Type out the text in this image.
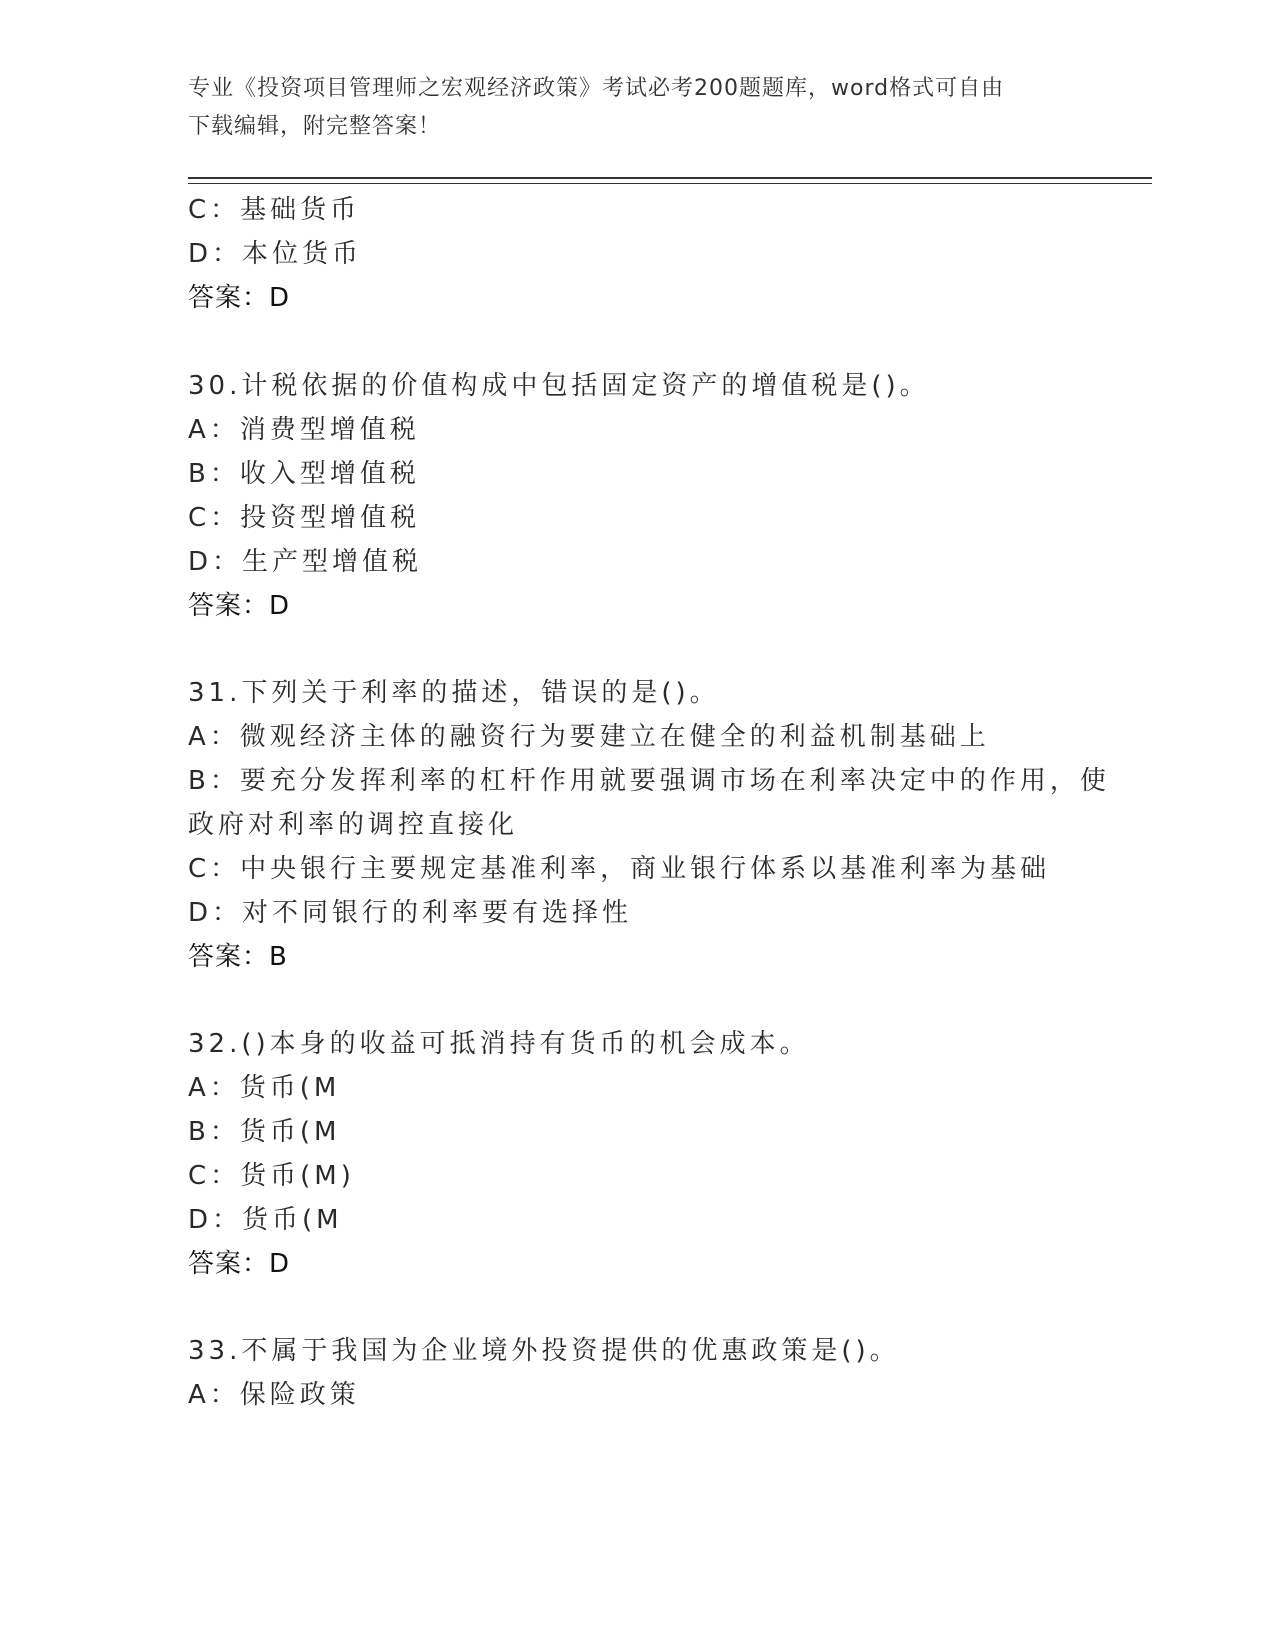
专业《投资项目管理师之宏观经济政策》考试必考200题题库，word格式可自由
下载编辑，附完整答案！
C：基础货币
D：本位货币
答案：D
30.计税依据的价值构成中包括固定资产的增值税是()。
A：消费型增值税
B：收入型增值税
C：投资型增值税
D：生产型增值税
答案：D
31.下列关于利率的描述，错误的是()。
A：微观经济主体的融资行为要建立在健全的利益机制基础上
B：要充分发挥利率的杠杆作用就要强调市场在利率决定中的作用，使
政府对利率的调控直接化
C：中央银行主要规定基准利率，商业银行体系以基准利率为基础
D：对不同银行的利率要有选择性
答案：B
32.()本身的收益可抵消持有货币的机会成本。
A：货币(M
B：货币(M
C：货币(M)
D：货币(M
答案：D
33.不属于我国为企业境外投资提供的优惠政策是()。
A：保险政策
